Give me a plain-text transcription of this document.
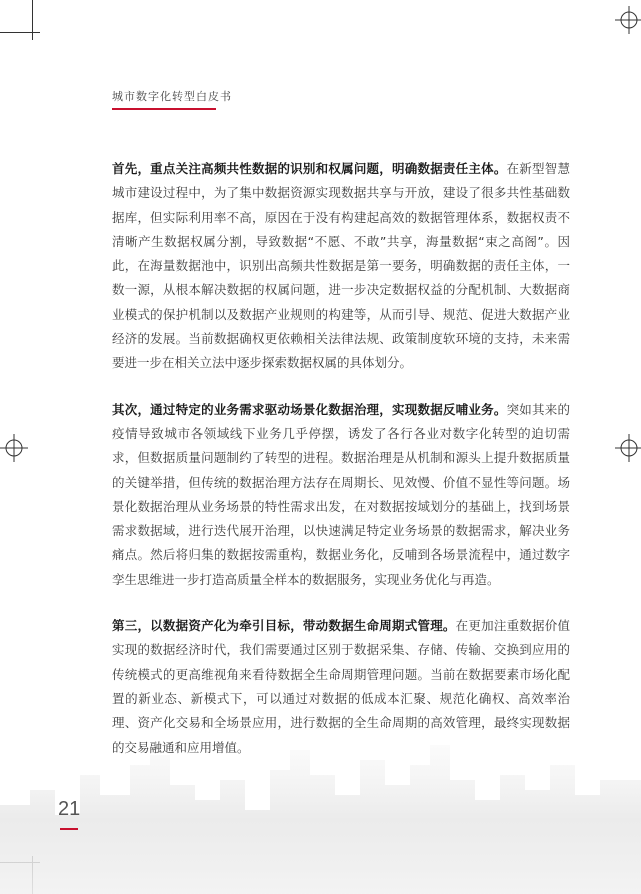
城市数字化转型白皮书

首先，重点关注高频共性数据的识别和权属问题，明确数据责任主体。在新型智慧城市建设过程中，为了集中数据资源实现数据共享与开放，建设了很多共性基础数据库，但实际利用率不高，原因在于没有构建起高效的数据管理体系，数据权责不清晰产生数据权属分割，导致数据“不愿、不敢”共享，海量数据“束之高阁”。因此，在海量数据池中，识别出高频共性数据是第一要务，明确数据的责任主体，一数一源，从根本解决数据的权属问题，进一步决定数据权益的分配机制、大数据商业模式的保护机制以及数据产业规则的构建等，从而引导、规范、促进大数据产业经济的发展。当前数据确权更依赖相关法律法规、政策制度软环境的支持，未来需要进一步在相关立法中逐步探索数据权属的具体划分。

其次，通过特定的业务需求驱动场景化数据治理，实现数据反哺业务。突如其来的疫情导致城市各领域线下业务几乎停摆，诱发了各行各业对数字化转型的迫切需求，但数据质量问题制约了转型的进程。数据治理是从机制和源头上提升数据质量的关键举措，但传统的数据治理方法存在周期长、见效慢、价值不显性等问题。场景化数据治理从业务场景的特性需求出发，在对数据按域划分的基础上，找到场景需求数据域，进行迭代展开治理，以快速满足特定业务场景的数据需求，解决业务痛点。然后将归集的数据按需重构，数据业务化，反哺到各场景流程中，通过数字孪生思维进一步打造高质量全样本的数据服务，实现业务优化与再造。

第三，以数据资产化为牵引目标，带动数据生命周期式管理。在更加注重数据价值实现的数据经济时代，我们需要通过区别于数据采集、存储、传输、交换到应用的传统模式的更高维视角来看待数据全生命周期管理问题。当前在数据要素市场化配置的新业态、新模式下，可以通过对数据的低成本汇聚、规范化确权、高效率治理、资产化交易和全场景应用，进行数据的全生命周期的高效管理，最终实现数据的交易融通和应用增值。

21
